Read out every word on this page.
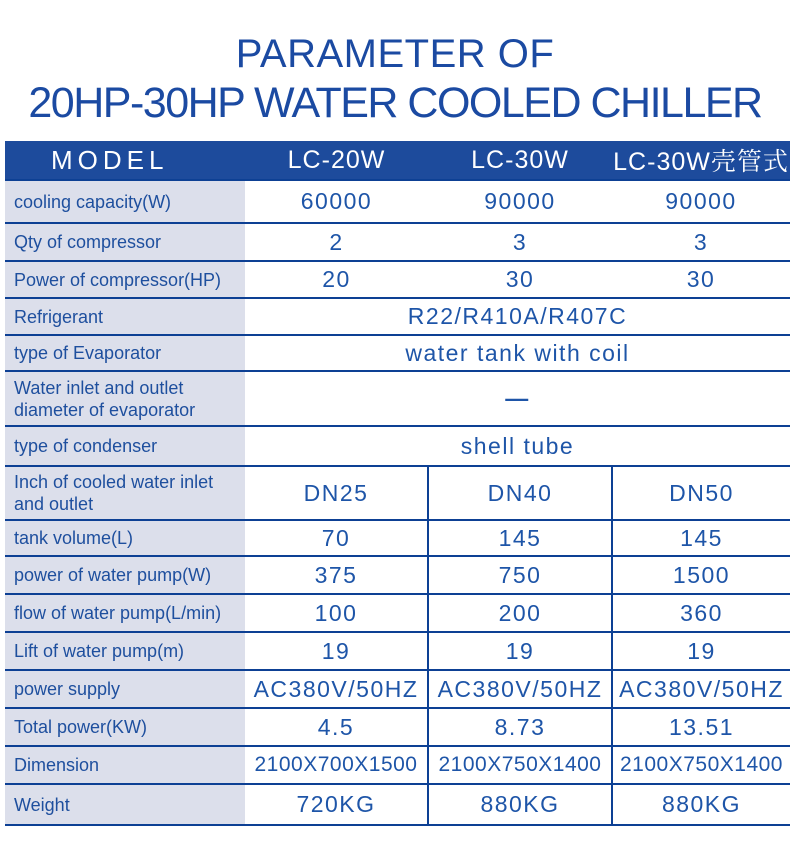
PARAMETER OF
20HP-30HP WATER COOLED CHILLER
MODEL	LC-20W	LC-30W	LC-30W壳管式
cooling capacity(W)	60000	90000	90000
Qty of compressor	2	3	3
Power of compressor(HP)	20	30	30
Refrigerant	R22/R410A/R407C		
type of Evaporator	water tank with coil		
Water inlet and outlet diameter of evaporator	—		
type of condenser	shell tube		
Inch of cooled water inlet and outlet	DN25	DN40	DN50
tank volume(L)	70	145	145
power of water pump(W)	375	750	1500
flow of water pump(L/min)	100	200	360
Lift of water pump(m)	19	19	19
power supply	AC380V/50HZ	AC380V/50HZ	AC380V/50HZ
Total power(KW)	4.5	8.73	13.51
Dimension	2100X700X1500	2100X750X1400	2100X750X1400
Weight	720KG	880KG	880KG
